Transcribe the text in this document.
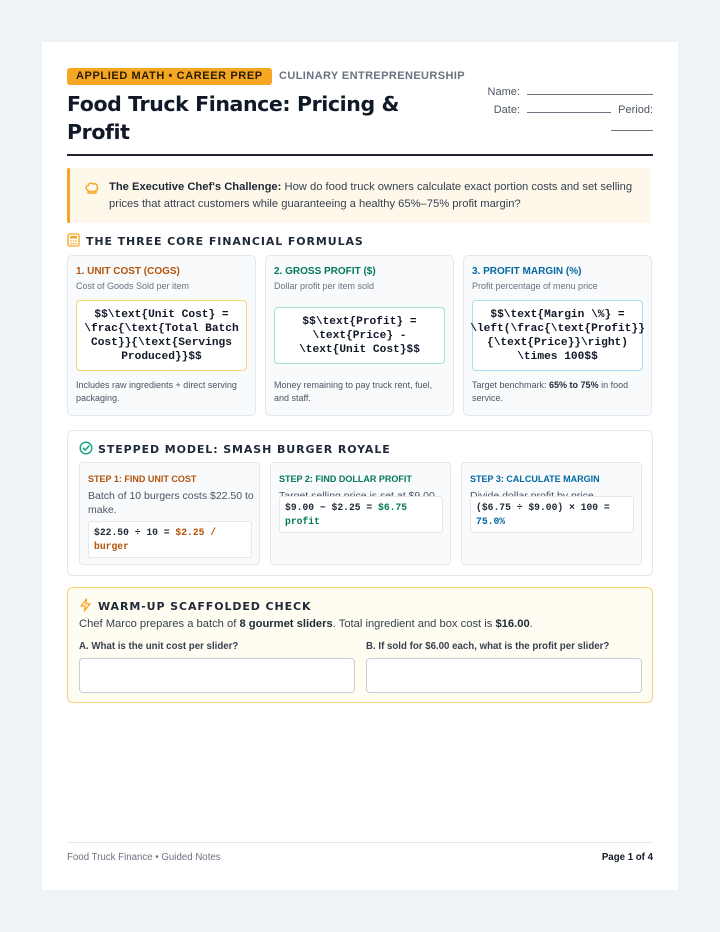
APPLIED MATH • CAREER PREP	CULINARY ENTREPRENEURSHIP
Food Truck Finance: Pricing & Profit
Name:
Date:	Period:

The Executive Chef's Challenge: How do food truck owners calculate exact portion costs and set selling prices that attract customers while guaranteeing a healthy 65%–75% profit margin?

THE THREE CORE FINANCIAL FORMULAS
1. UNIT COST (COGS)
Cost of Goods Sold per item
$$\text{Unit Cost} = \frac{\text{Total Batch Cost}}{\text{Servings Produced}}$$
Includes raw ingredients + direct serving packaging.
2. GROSS PROFIT ($)
Dollar profit per item sold
$$\text{Profit} = \text{Price} - \text{Unit Cost}$$
Money remaining to pay truck rent, fuel, and staff.
3. PROFIT MARGIN (%)
Profit percentage of menu price
$$\text{Margin \%} = \left(\frac{\text{Profit}}{\text{Price}}\right) \times 100$$
Target benchmark: 65% to 75% in food service.
STEPPED MODEL: SMASH BURGER ROYALE
STEP 1: FIND UNIT COST
Batch of 10 burgers costs $22.50 to make.
$22.50 ÷ 10 = $2.25 / burger
STEP 2: FIND DOLLAR PROFIT
$9.00 − $2.25 = $6.75 profit
STEP 3: CALCULATE MARGIN
($6.75 ÷ $9.00) × 100 = 75.0%
WARM-UP SCAFFOLDED CHECK
Chef Marco prepares a batch of 8 gourmet sliders. Total ingredient and box cost is $16.00.
A. What is the unit cost per slider?	B. If sold for $6.00 each, what is the profit per slider?
Food Truck Finance • Guided Notes	Page 1 of 4
